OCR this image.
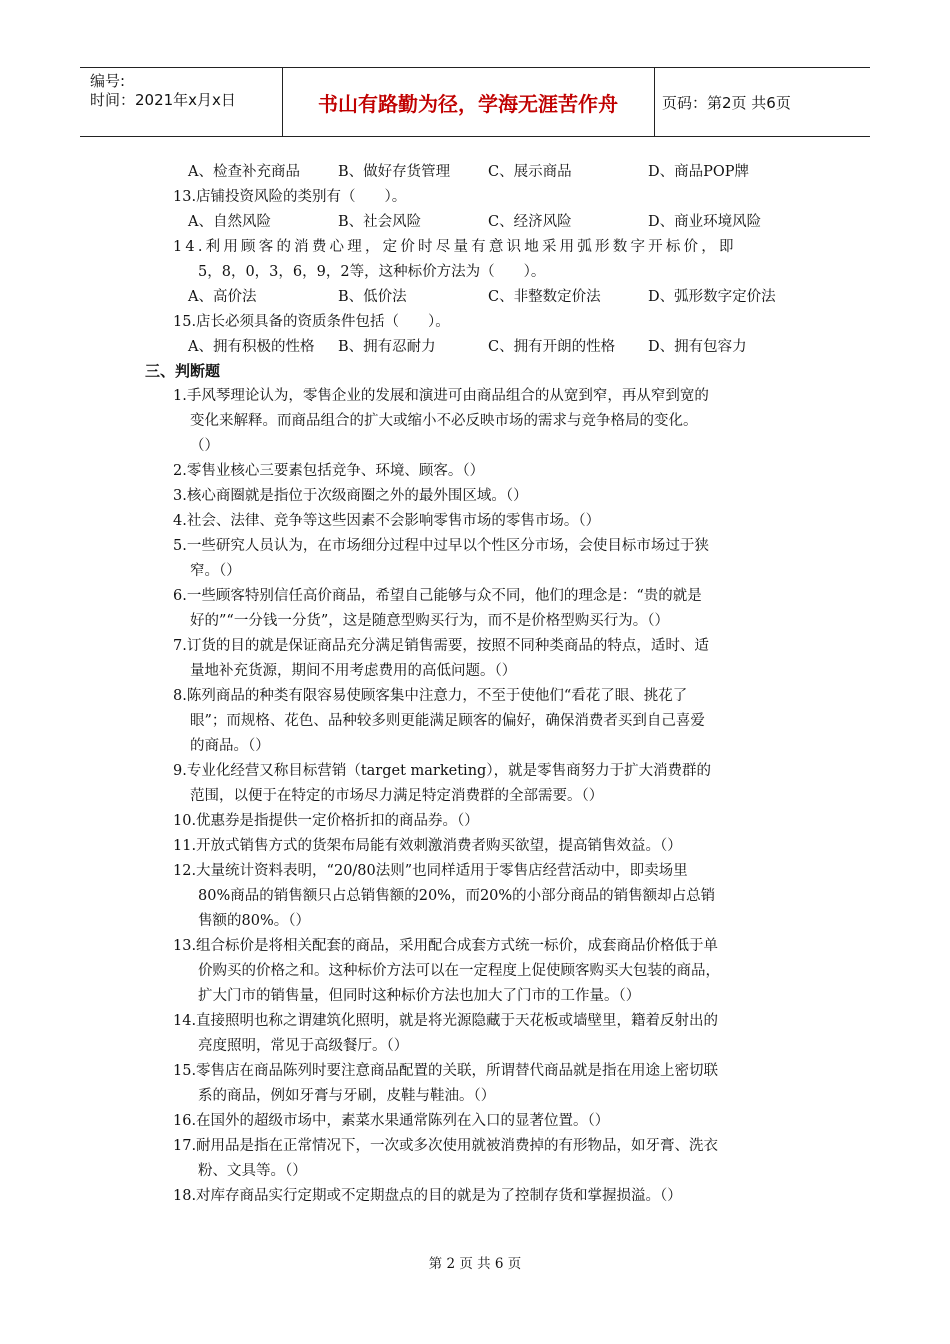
编号:
时间：2021年x月x日	书山有路勤为径，学海无涯苦作舟	页码：第2页 共6页
A、检查补充商品	B、做好存货管理	C、展示商品	D、商品POP牌
13.店铺投资风险的类别有（　　）。
A、自然风险	B、社会风险	C、经济风险	D、商业环境风险
14.利用顾客的消费心理，定价时尽量有意识地采用弧形数字开标价，即
5，8，0，3，6，9，2等，这种标价方法为（　　）。
A、高价法	B、低价法	C、非整数定价法	D、弧形数字定价法
15.店长必须具备的资质条件包括（　　）。
A、拥有积极的性格 B、拥有忍耐力	C、拥有开朗的性格 D、拥有包容力
三、判断题
1.手风琴理论认为，零售企业的发展和演进可由商品组合的从宽到窄，再从窄到宽的
变化来解释。而商品组合的扩大或缩小不必反映市场的需求与竞争格局的变化。
（）
2.零售业核心三要素包括竞争、环境、顾客。（）
3.核心商圈就是指位于次级商圈之外的最外围区域。（）
4.社会、法律、竞争等这些因素不会影响零售市场的零售市场。（）
5.一些研究人员认为，在市场细分过程中过早以个性区分市场，会使目标市场过于狭
窄。（）
6.一些顾客特别信任高价商品，希望自己能够与众不同，他们的理念是：“贵的就是
好的”“一分钱一分货”，这是随意型购买行为，而不是价格型购买行为。（）
7.订货的目的就是保证商品充分满足销售需要，按照不同种类商品的特点，适时、适
量地补充货源，期间不用考虑费用的高低问题。（）
8.陈列商品的种类有限容易使顾客集中注意力，不至于使他们“看花了眼、挑花了
眼”；而规格、花色、品种较多则更能满足顾客的偏好，确保消费者买到自己喜爱
的商品。（）
9.专业化经营又称目标营销（target marketing），就是零售商努力于扩大消费群的
范围，以便于在特定的市场尽力满足特定消费群的全部需要。（）
10.优惠券是指提供一定价格折扣的商品券。（）
11.开放式销售方式的货架布局能有效刺激消费者购买欲望，提高销售效益。（）
12.大量统计资料表明，“20/80法则”也同样适用于零售店经营活动中，即卖场里
80%商品的销售额只占总销售额的20%，而20%的小部分商品的销售额却占总销
售额的80%。（）
13.组合标价是将相关配套的商品，采用配合成套方式统一标价，成套商品价格低于单
价购买的价格之和。这种标价方法可以在一定程度上促使顾客购买大包装的商品，
扩大门市的销售量，但同时这种标价方法也加大了门市的工作量。（）
14.直接照明也称之谓建筑化照明，就是将光源隐藏于天花板或墙壁里，籍着反射出的
亮度照明，常见于高级餐厅。（）
15.零售店在商品陈列时要注意商品配置的关联，所谓替代商品就是指在用途上密切联
系的商品，例如牙膏与牙刷，皮鞋与鞋油。（）
16.在国外的超级市场中，素菜水果通常陈列在入口的显著位置。（）
17.耐用品是指在正常情况下，一次或多次使用就被消费掉的有形物品，如牙膏、洗衣
粉、文具等。（）
18.对库存商品实行定期或不定期盘点的目的就是为了控制存货和掌握损溢。（）
第 2 页 共 6 页
